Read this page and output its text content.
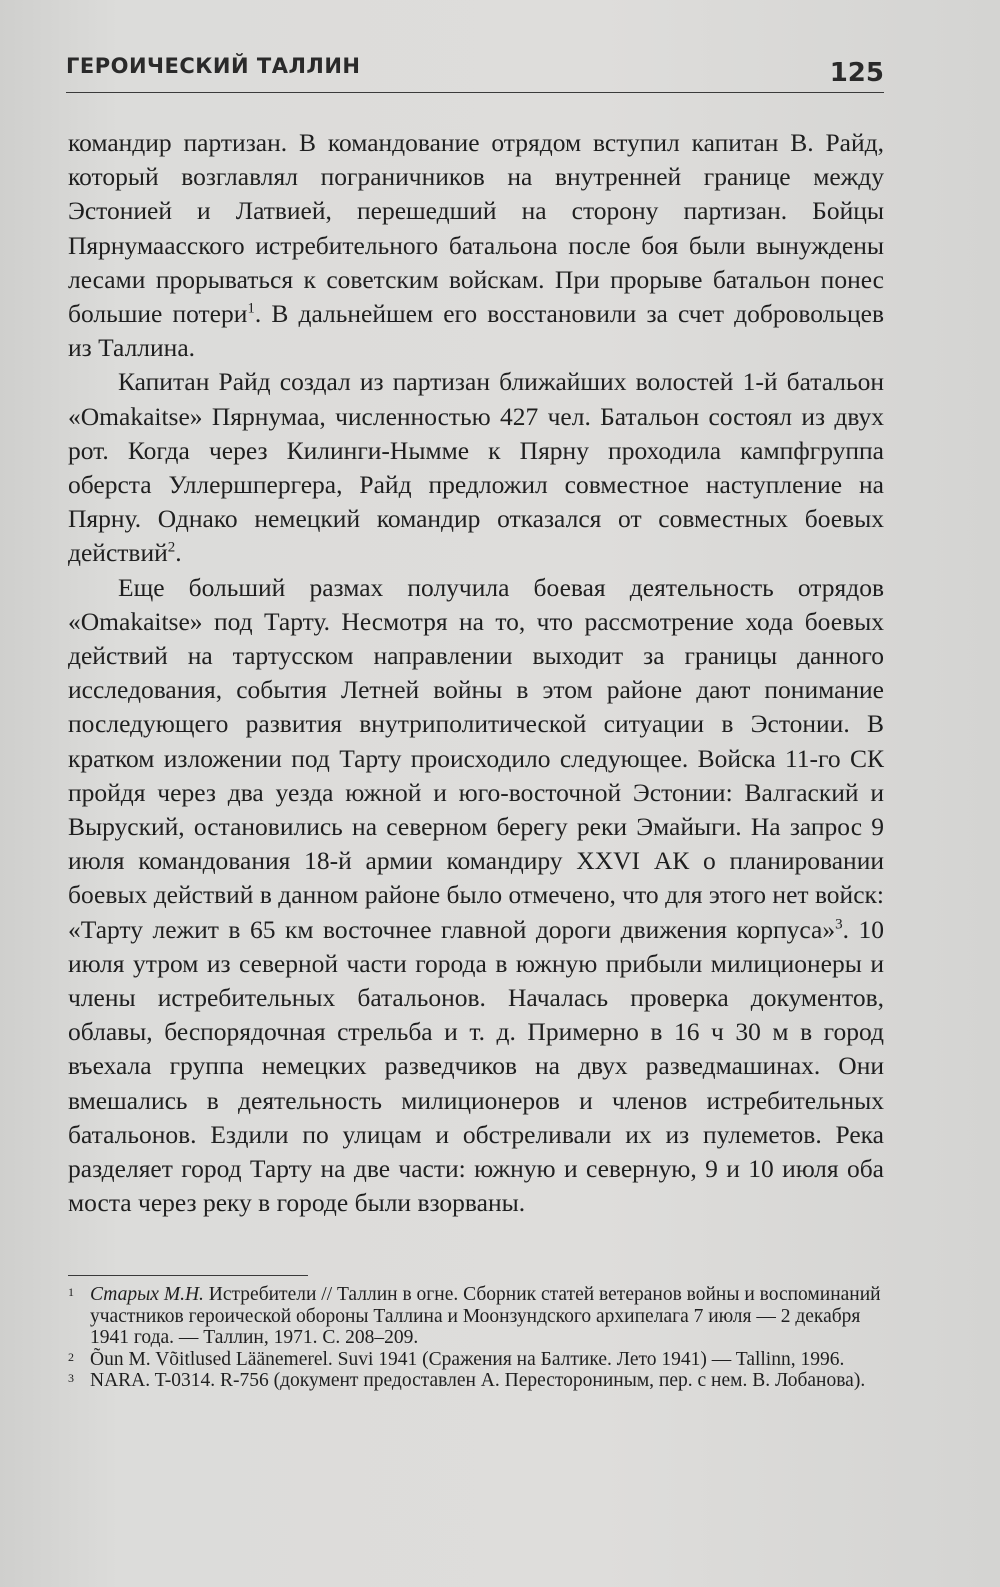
ГЕРОИЧЕСКИЙ ТАЛЛИН	125

командир партизан. В командование отрядом вступил капитан В. Райд, который возглавлял пограничников на внутренней границе между Эстонией и Латвией, перешедший на сторону партизан. Бойцы Пярнумаасского истребительного батальона после боя были вынуждены лесами прорываться к советским войскам. При прорыве батальон понес большие потери$^1$. В дальнейшем его восстановили за счет добровольцев из Таллина.

Капитан Райд создал из партизан ближайших волостей 1-й батальон «Omakaitse» Пярнумаа, численностью 427 чел. Батальон состоял из двух рот. Когда через Килинги-Нымме к Пярну проходила кампфгруппа оберста Уллершпергера, Райд предложил совместное наступление на Пярну. Однако немецкий командир отказался от совместных боевых действий$^2$.

Еще больший размах получила боевая деятельность отрядов «Omakaitse» под Тарту. Несмотря на то, что рассмотрение хода боевых действий на тартусском направлении выходит за границы данного исследования, события Летней войны в этом районе дают понимание последующего развития внутриполитической ситуации в Эстонии. В кратком изложении под Тарту происходило следующее. Войска 11-го СК пройдя через два уезда южной и юго-восточной Эстонии: Валгаский и Выруский, остановились на северном берегу реки Эмайыги. На запрос 9 июля командования 18-й армии командиру XXVI АК о планировании боевых действий в данном районе было отмечено, что для этого нет войск: «Тарту лежит в 65 км восточнее главной дороги движения корпуса»$^3$. 10 июля утром из северной части города в южную прибыли милиционеры и члены истребительных батальонов. Началась проверка документов, облавы, беспорядочная стрельба и т. д. Примерно в 16 ч 30 м в город въехала группа немецких разведчиков на двух разведмашинах. Они вмешались в деятельность милиционеров и членов истребительных батальонов. Ездили по улицам и обстреливали их из пулеметов. Река разделяет город Тарту на две части: южную и северную, 9 и 10 июля оба моста через реку в городе были взорваны.

1 Старых М.Н. Истребители // Таллин в огне. Сборник статей ветеранов войны и воспоминаний участников героической обороны Таллина и Моонзундского архипелага 7 июля — 2 декабря 1941 года. — Таллин, 1971. С. 208–209.

2 Õun M. Võitlused Läänemerel. Suvi 1941 (Сражения на Балтике. Лето 1941) — Tallinn, 1996.

3 NARA. T-0314. R-756 (документ предоставлен А. Пересторониным, пер. с нем. В. Лобанова).
